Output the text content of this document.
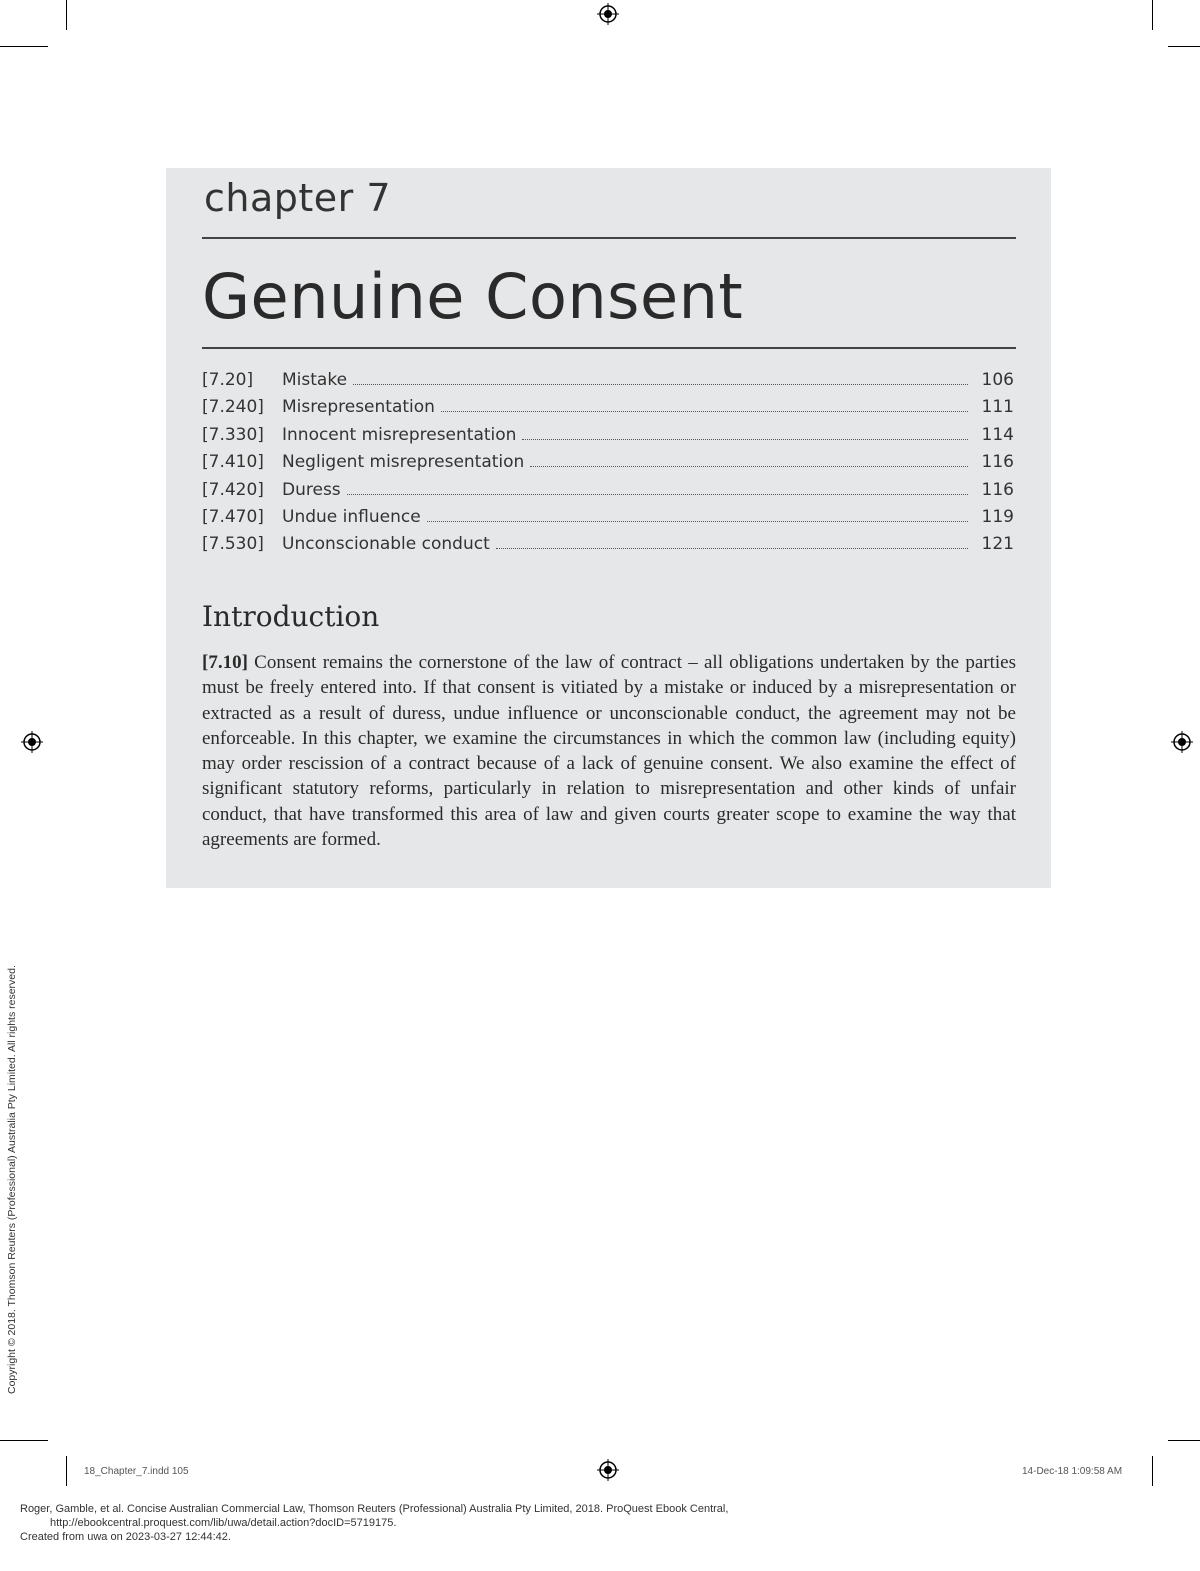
chapter 7
Genuine Consent
[7.20]	Mistake	106
[7.240]	Misrepresentation	111
[7.330]	Innocent misrepresentation	114
[7.410]	Negligent misrepresentation	116
[7.420]	Duress	116
[7.470]	Undue influence	119
[7.530]	Unconscionable conduct	121
Introduction

[7.10] Consent remains the cornerstone of the law of contract – all obligations undertaken by the parties must be freely entered into. If that consent is vitiated by a mistake or induced by a misrepresentation or extracted as a result of duress, undue influence or unconscionable conduct, the agreement may not be enforceable. In this chapter, we examine the circumstances in which the common law (including equity) may order rescission of a contract because of a lack of genuine consent. We also examine the effect of significant statutory reforms, particularly in relation to misrepresentation and other kinds of unfair conduct, that have transformed this area of law and given courts greater scope to examine the way that agreements are formed.

Copyright © 2018. Thomson Reuters (Professional) Australia Pty Limited. All rights reserved.
18_Chapter_7.indd 105	14-Dec-18 1:09:58 AM
Roger, Gamble, et al. Concise Australian Commercial Law, Thomson Reuters (Professional) Australia Pty Limited, 2018. ProQuest Ebook Central,
http://ebookcentral.proquest.com/lib/uwa/detail.action?docID=5719175.
Created from uwa on 2023-03-27 12:44:42.
